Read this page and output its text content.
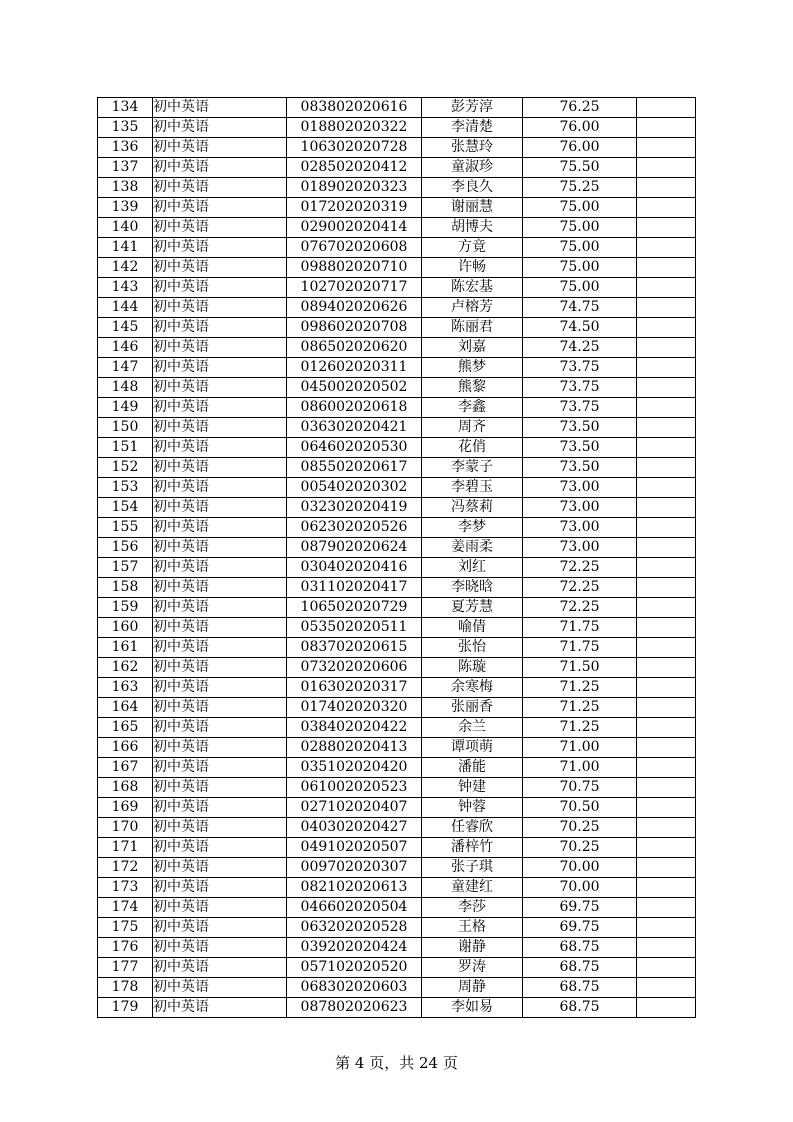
134	初中英语	083802020616	彭芳淳	76.25	
135	初中英语	018802020322	李清楚	76.00	
136	初中英语	106302020728	张慧玲	76.00	
137	初中英语	028502020412	童淑珍	75.50	
138	初中英语	018902020323	李良久	75.25	
139	初中英语	017202020319	谢丽慧	75.00	
140	初中英语	029002020414	胡博夫	75.00	
141	初中英语	076702020608	方竟	75.00	
142	初中英语	098802020710	许畅	75.00	
143	初中英语	102702020717	陈宏基	75.00	
144	初中英语	089402020626	卢榕芳	74.75	
145	初中英语	098602020708	陈丽君	74.50	
146	初中英语	086502020620	刘嘉	74.25	
147	初中英语	012602020311	熊梦	73.75	
148	初中英语	045002020502	熊黎	73.75	
149	初中英语	086002020618	李鑫	73.75	
150	初中英语	036302020421	周齐	73.50	
151	初中英语	064602020530	花俏	73.50	
152	初中英语	085502020617	李蒙子	73.50	
153	初中英语	005402020302	李碧玉	73.00	
154	初中英语	032302020419	冯蔡莉	73.00	
155	初中英语	062302020526	李梦	73.00	
156	初中英语	087902020624	姜雨柔	73.00	
157	初中英语	030402020416	刘红	72.25	
158	初中英语	031102020417	李晓晗	72.25	
159	初中英语	106502020729	夏芳慧	72.25	
160	初中英语	053502020511	喻倩	71.75	
161	初中英语	083702020615	张怡	71.75	
162	初中英语	073202020606	陈璇	71.50	
163	初中英语	016302020317	余寒梅	71.25	
164	初中英语	017402020320	张丽香	71.25	
165	初中英语	038402020422	余兰	71.25	
166	初中英语	028802020413	谭项萌	71.00	
167	初中英语	035102020420	潘能	71.00	
168	初中英语	061002020523	钟建	70.75	
169	初中英语	027102020407	钟蓉	70.50	
170	初中英语	040302020427	任睿欣	70.25	
171	初中英语	049102020507	潘梓竹	70.25	
172	初中英语	009702020307	张子琪	70.00	
173	初中英语	082102020613	童建红	70.00	
174	初中英语	046602020504	李莎	69.75	
175	初中英语	063202020528	王格	69.75	
176	初中英语	039202020424	谢静	68.75	
177	初中英语	057102020520	罗涛	68.75	
178	初中英语	068302020603	周静	68.75	
179	初中英语	087802020623	李如易	68.75	
第 4 页，共 24 页
